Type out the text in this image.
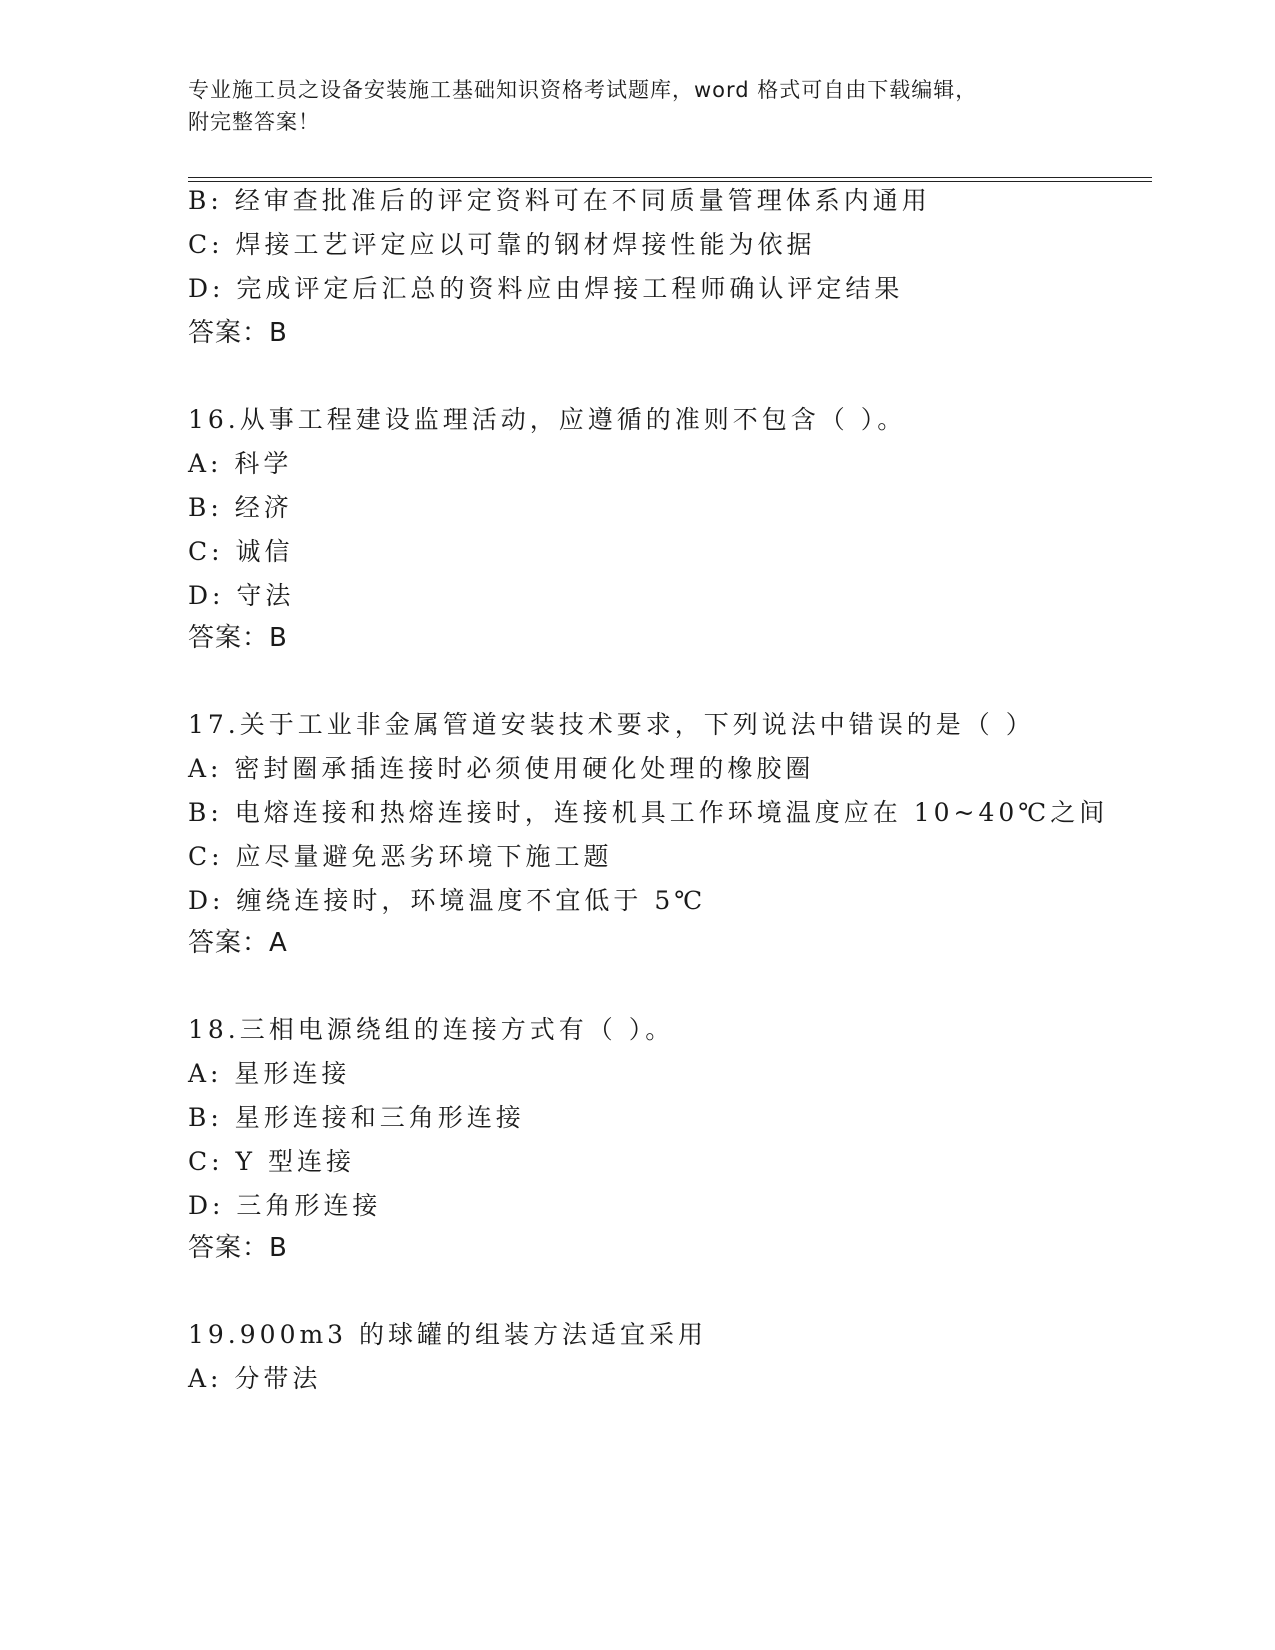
专业施工员之设备安装施工基础知识资格考试题库，word 格式可自由下载编辑，
附完整答案！
B: 经审查批准后的评定资料可在不同质量管理体系内通用
C: 焊接工艺评定应以可靠的钢材焊接性能为依据
D: 完成评定后汇总的资料应由焊接工程师确认评定结果
答案：B
16.从事工程建设监理活动，应遵循的准则不包含（ ）。
A: 科学
B: 经济
C: 诚信
D: 守法
答案：B
17.关于工业非金属管道安装技术要求，下列说法中错误的是（ ）
A: 密封圈承插连接时必须使用硬化处理的橡胶圈
B: 电熔连接和热熔连接时，连接机具工作环境温度应在 10~40℃之间
C: 应尽量避免恶劣环境下施工题
D: 缠绕连接时，环境温度不宜低于 5℃
答案：A
18.三相电源绕组的连接方式有（ ）。
A: 星形连接
B: 星形连接和三角形连接
C: Y 型连接
D: 三角形连接
答案：B
19.900m3 的球罐的组装方法适宜采用
A: 分带法
